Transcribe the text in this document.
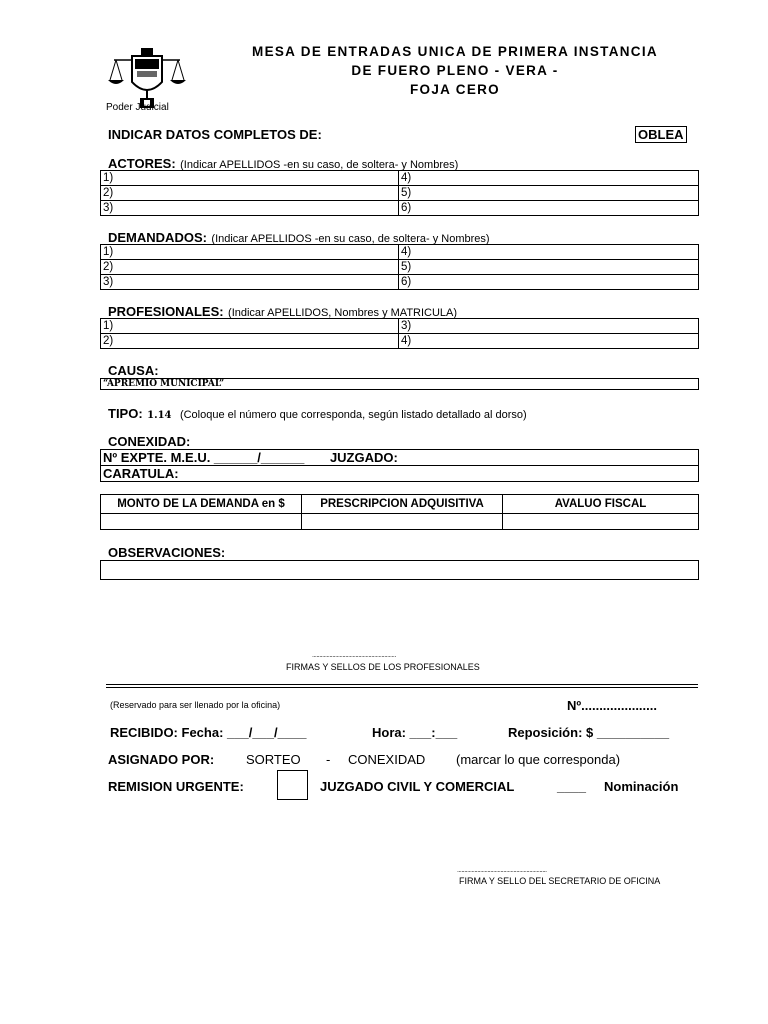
Poder Judicial
MESA DE ENTRADAS UNICA DE PRIMERA INSTANCIA
DE FUERO PLENO - VERA -
FOJA CERO
INDICAR DATOS COMPLETOS DE:	OBLEA
ACTORES: (Indicar APELLIDOS -en su caso, de soltera- y Nombres)
1)	4)
2)	5)
3)	6)
DEMANDADOS: (Indicar APELLIDOS -en su caso, de soltera- y Nombres)
1)	4)
2)	5)
3)	6)
PROFESIONALES: (Indicar APELLIDOS, Nombres y MATRICULA)
1)	3)
2)	4)
CAUSA:
“APREMIO MUNICIPAL”
TIPO: 1.14 (Coloque el número que corresponda, según listado detallado al dorso)
CONEXIDAD:
Nº EXPTE. M.E.U. ______/______ JUZGADO:
CARATULA:
MONTO DE LA DEMANDA en $	PRESCRIPCION ADQUISITIVA	AVALUO FISCAL

OBSERVACIONES:
..........................................................
FIRMAS Y SELLOS DE LOS PROFESIONALES
(Reservado para ser llenado por la oficina)	Nº.....................
RECIBIDO: Fecha: ___/___/____	Hora: ___:___	Reposición: $ __________
ASIGNADO POR: SORTEO - CONEXIDAD (marcar lo que corresponda)
REMISION URGENTE:	JUZGADO CIVIL Y COMERCIAL	____ Nominación
..............................................................
FIRMA Y SELLO DEL SECRETARIO DE OFICINA
